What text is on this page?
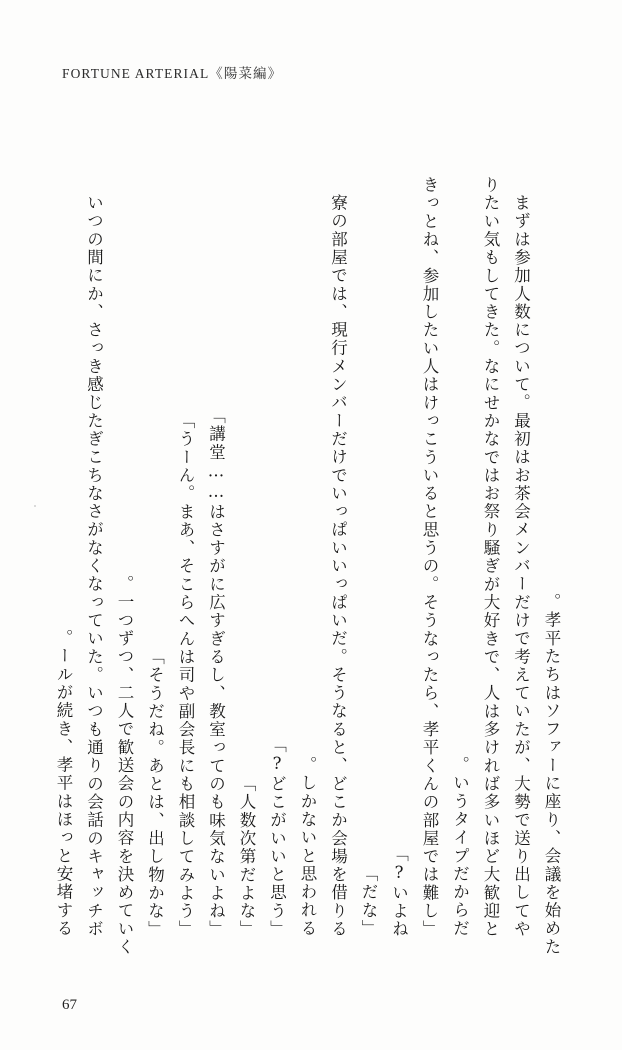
FORTUNE ARTERIAL《陽菜編》
孝平たちはソファーに座り、会議を始めた。
まずは参加人数について。最初はお茶会メンバーだけで考えていたが、大勢で送り出してや
りたい気もしてきた。なにせかなではお祭り騒ぎが大好きで、人は多ければ多いほど大歓迎と
いうタイプだからだ。
「きっとね、参加したい人はけっこういると思うの。そうなったら、孝平くんの部屋では難し
いよね?」
「だな」
寮の部屋では、現行メンバーだけでいっぱいいっぱいだ。そうなると、どこか会場を借りる
しかないと思われる。
「どこがいいと思う?」
「人数次第だよな」
「講堂……はさすがに広すぎるし、教室ってのも味気ないよね」
「うーん。まあ、そこらへんは司や副会長にも相談してみよう」
「そうだね。あとは、出し物かな」
一つずつ、二人で歓送会の内容を決めていく。
いつの間にか、さっき感じたぎこちなさがなくなっていた。いつも通りの会話のキャッチボ
ールが続き、孝平はほっと安堵する。
67
